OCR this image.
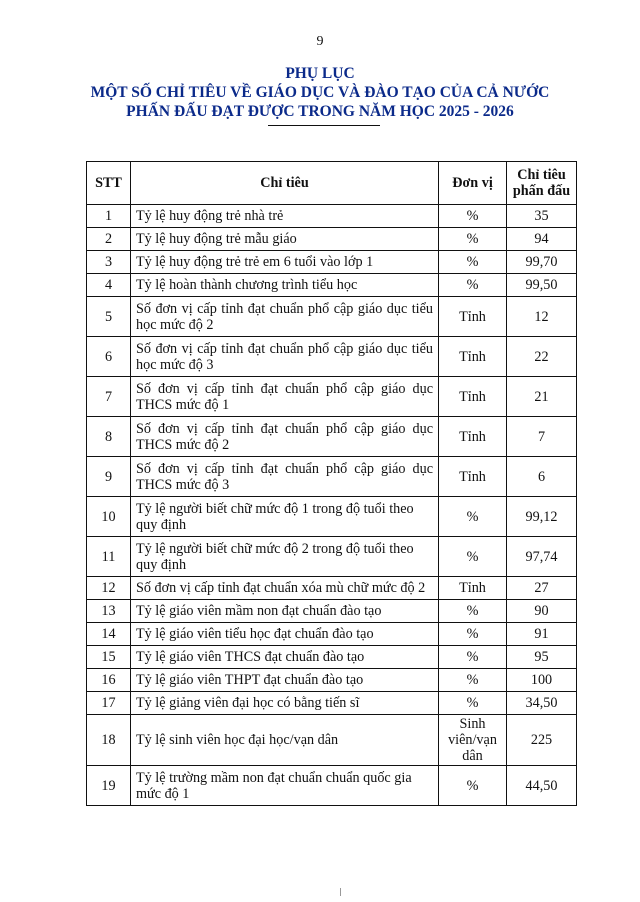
9
PHỤ LỤC
MỘT SỐ CHỈ TIÊU VỀ GIÁO DỤC VÀ ĐÀO TẠO CỦA CẢ NƯỚC
PHẤN ĐẤU ĐẠT ĐƯỢC TRONG NĂM HỌC 2025 - 2026
STT	Chỉ tiêu	Đơn vị	Chỉ tiêu phấn đấu
1	Tỷ lệ huy động trẻ nhà trẻ	%	35
2	Tỷ lệ huy động trẻ mẫu giáo	%	94
3	Tỷ lệ huy động trẻ trẻ em 6 tuổi vào lớp 1	%	99,70
4	Tỷ lệ hoàn thành chương trình tiểu học	%	99,50
5	Số đơn vị cấp tỉnh đạt chuẩn phổ cập giáo dục tiểu học mức độ 2	Tỉnh	12
6	Số đơn vị cấp tỉnh đạt chuẩn phổ cập giáo dục tiểu học mức độ 3	Tỉnh	22
7	Số đơn vị cấp tỉnh đạt chuẩn phổ cập giáo dục THCS mức độ 1	Tỉnh	21
8	Số đơn vị cấp tỉnh đạt chuẩn phổ cập giáo dục THCS mức độ 2	Tỉnh	7
9	Số đơn vị cấp tỉnh đạt chuẩn phổ cập giáo dục THCS mức độ 3	Tỉnh	6
10	Tỷ lệ người biết chữ mức độ 1 trong độ tuổi theo quy định	%	99,12
11	Tỷ lệ người biết chữ mức độ 2 trong độ tuổi theo quy định	%	97,74
12	Số đơn vị cấp tỉnh đạt chuẩn xóa mù chữ mức độ 2	Tỉnh	27
13	Tỷ lệ giáo viên mầm non đạt chuẩn đào tạo	%	90
14	Tỷ lệ giáo viên tiểu học đạt chuẩn đào tạo	%	91
15	Tỷ lệ giáo viên THCS đạt chuẩn đào tạo	%	95
16	Tỷ lệ giáo viên THPT đạt chuẩn đào tạo	%	100
17	Tỷ lệ giảng viên đại học có bằng tiến sĩ	%	34,50
18	Tỷ lệ sinh viên học đại học/vạn dân	Sinh viên/vạn dân	225
19	Tỷ lệ trường mầm non đạt chuẩn chuẩn quốc gia mức độ 1	%	44,50
